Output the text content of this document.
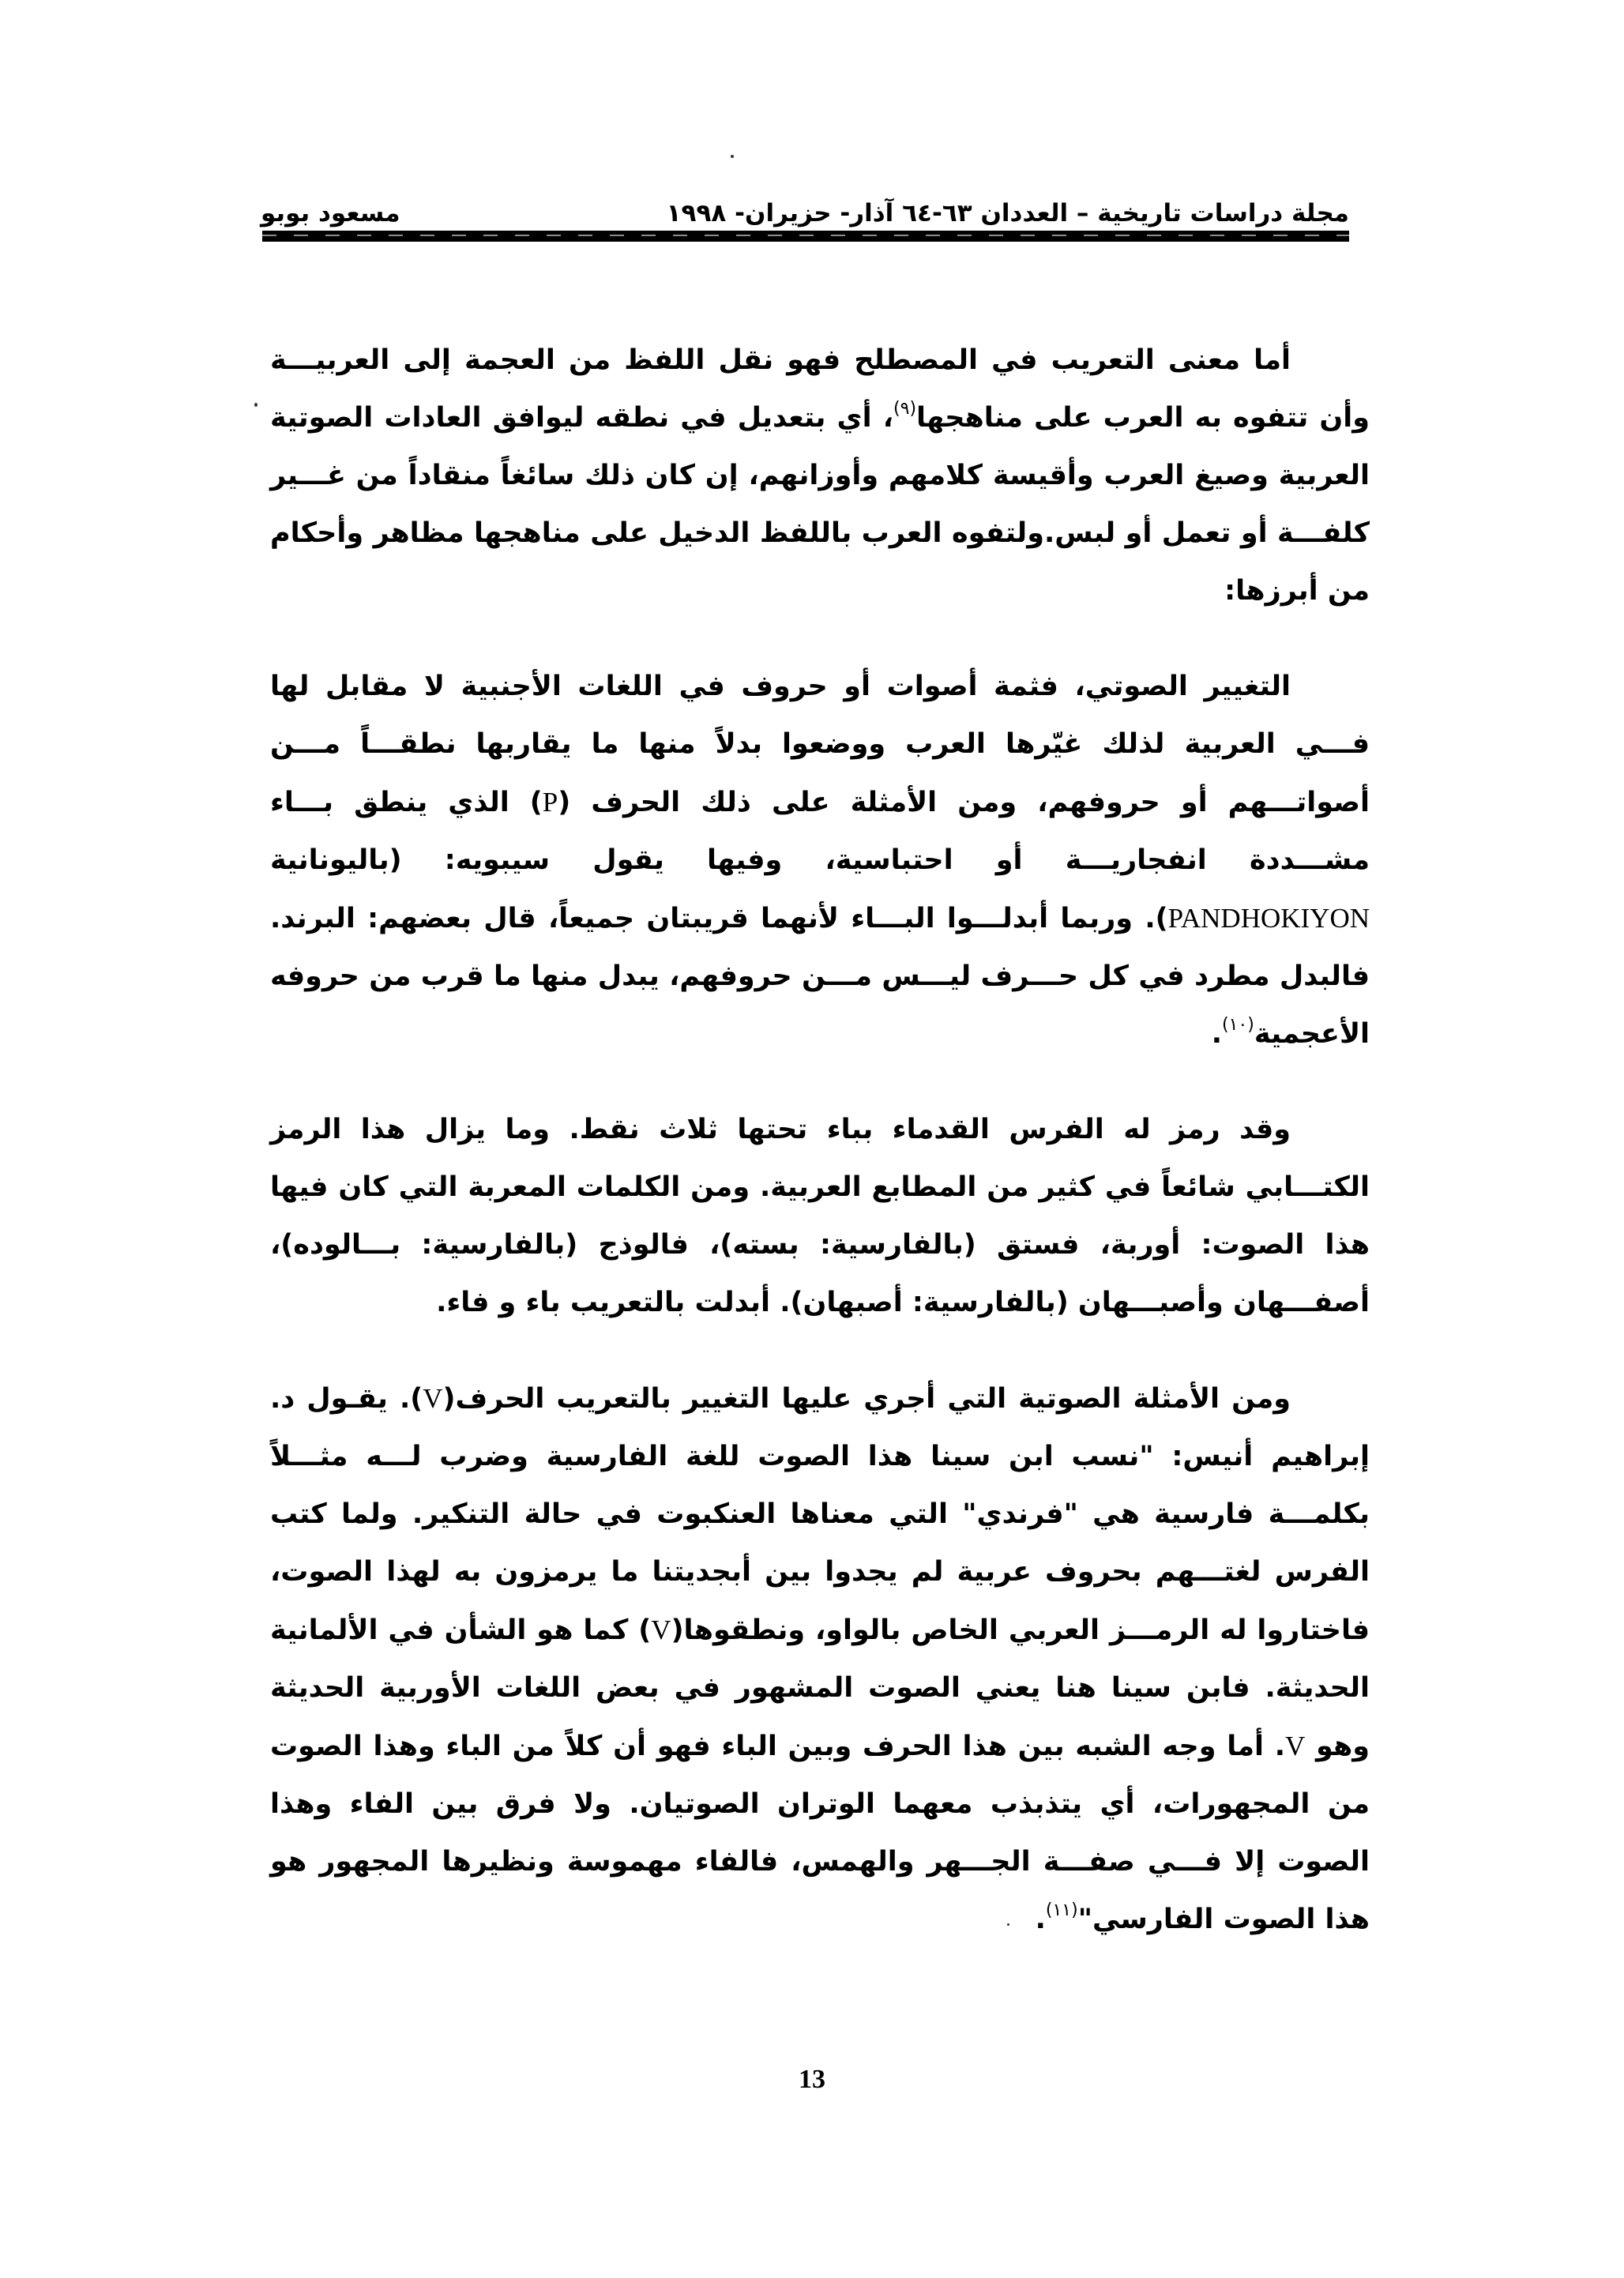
مجلة دراسات تاريخية – العددان ٦٣-٦٤ آذار- حزيران- ١٩٩٨
مسعود بوبو

أما معنى التعريب في المصطلح فهو نقل اللفظ من العجمة إلى العربيـــة وأن تتفوه به العرب على مناهجها$^{(٩)}$، أي بتعديل في نطقه ليوافق العادات الصوتية العربية وصيغ العرب وأقيسة كلامهم وأوزانهم، إن كان ذلك سائغاً منقاداً من غـــير كلفـــة أو تعمل أو لبس.ولتفوه العرب باللفظ الدخيل على مناهجها مظاهر وأحكام من أبرزها:

التغيير الصوتي، فثمة أصوات أو حروف في اللغات الأجنبية لا مقابل لها فـــي العربية لذلك غيّرها العرب ووضعوا بدلاً منها ما يقاربها نطقـــاً مـــن أصواتـــهم أو حروفهم، ومن الأمثلة على ذلك الحرف (P) الذي ينطق بـــاء مشـــددة انفجاريـــة أو احتباسية، وفيها يقول سيبويه: (باليونانية PANDHOKIYON). وربما أبدلـــوا البـــاء لأنهما قريبتان جميعاً، قال بعضهم: البرند. فالبدل مطرد في كل حـــرف ليـــس مـــن حروفهم، يبدل منها ما قرب من حروفه الأعجمية$^{(١٠)}$.

وقد رمز له الفرس القدماء بباء تحتها ثلاث نقط. وما يزال هذا الرمز الكتـــابي شائعاً في كثير من المطابع العربية. ومن الكلمات المعربة التي كان فيها هذا الصوت: أوربة، فستق (بالفارسية: بسته)، فالوذج (بالفارسية: بـــالوده)، أصفـــهان وأصبـــهان (بالفارسية: أصبهان). أبدلت بالتعريب باء و فاء.

ومن الأمثلة الصوتية التي أجري عليها التغيير بالتعريب الحرف(V). يقـول د. إبراهيم أنيس: "نسب ابن سينا هذا الصوت للغة الفارسية وضرب لـــه مثـــلاً بكلمـــة فارسية هي "فرندي" التي معناها العنكبوت في حالة التنكير. ولما كتب الفرس لغتـــهم بحروف عربية لم يجدوا بين أبجديتنا ما يرمزون به لهذا الصوت، فاختاروا له الرمـــز العربي الخاص بالواو، ونطقوها(V) كما هو الشأن في الألمانية الحديثة. فابن سينا هنا يعني الصوت المشهور في بعض اللغات الأوربية الحديثة وهو V. أما وجه الشبه بين هذا الحرف وبين الباء فهو أن كلاً من الباء وهذا الصوت من المجهورات، أي يتذبذب معهما الوتران الصوتيان. ولا فرق بين الفاء وهذا الصوت إلا فـــي صفـــة الجـــهر والهمس، فالفاء مهموسة ونظيرها المجهور هو هذا الصوت الفارسي"$^{(١١)}$.

13
